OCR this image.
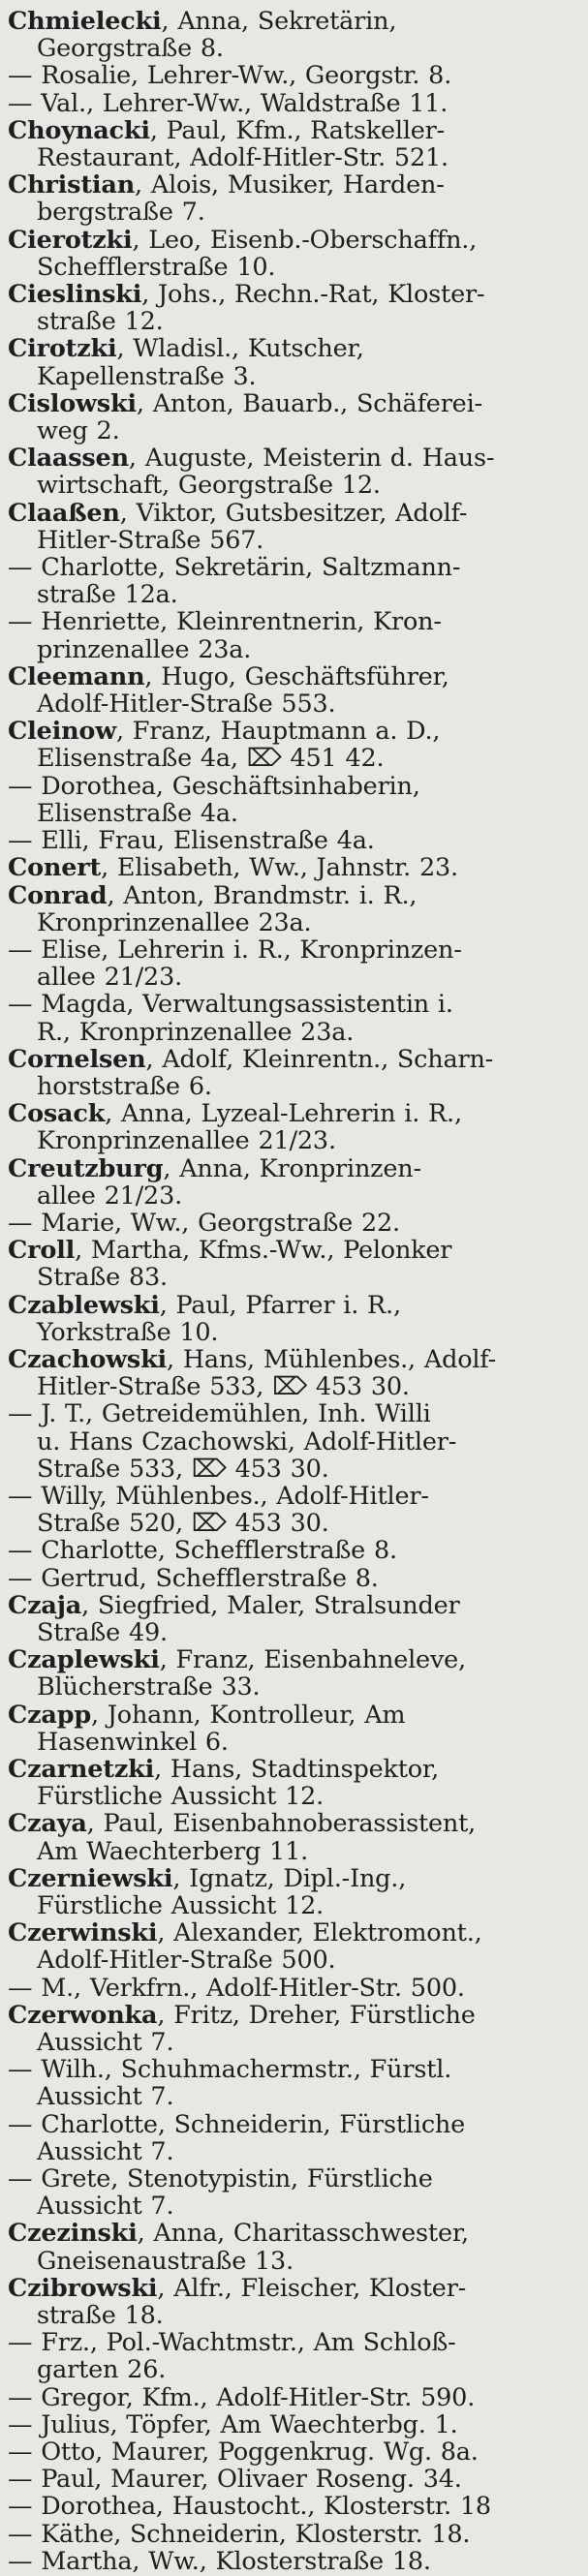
Chmielecki, Anna, Sekretärin,
Georgstraße 8.
— Rosalie, Lehrer-Ww., Georgstr. 8.
— Val., Lehrer-Ww., Waldstraße 11.
Choynacki, Paul, Kfm., Ratskeller-
Restaurant, Adolf-Hitler-Str. 521.
Christian, Alois, Musiker, Harden-
bergstraße 7.
Cierotzki, Leo, Eisenb.-Oberschaffn.,
Schefflerstraße 10.
Cieslinski, Johs., Rechn.-Rat, Kloster-
straße 12.
Cirotzki, Wladisl., Kutscher,
Kapellenstraße 3.
Cislowski, Anton, Bauarb., Schäferei-
weg 2.
Claassen, Auguste, Meisterin d. Haus-
wirtschaft, Georgstraße 12.
Claaßen, Viktor, Gutsbesitzer, Adolf-
Hitler-Straße 567.
— Charlotte, Sekretärin, Saltzmann-
straße 12a.
— Henriette, Kleinrentnerin, Kron-
prinzenallee 23a.
Cleemann, Hugo, Geschäftsführer,
Adolf-Hitler-Straße 553.
Cleinow, Franz, Hauptmann a. D.,
Elisenstraße 4a, ⌦ 451 42.
— Dorothea, Geschäftsinhaberin,
Elisenstraße 4a.
— Elli, Frau, Elisenstraße 4a.
Conert, Elisabeth, Ww., Jahnstr. 23.
Conrad, Anton, Brandmstr. i. R.,
Kronprinzenallee 23a.
— Elise, Lehrerin i. R., Kronprinzen-
allee 21/23.
— Magda, Verwaltungsassistentin i.
R., Kronprinzenallee 23a.
Cornelsen, Adolf, Kleinrentn., Scharn-
horststraße 6.
Cosack, Anna, Lyzeal-Lehrerin i. R.,
Kronprinzenallee 21/23.
Creutzburg, Anna, Kronprinzen-
allee 21/23.
— Marie, Ww., Georgstraße 22.
Croll, Martha, Kfms.-Ww., Pelonker
Straße 83.
Czablewski, Paul, Pfarrer i. R.,
Yorkstraße 10.
Czachowski, Hans, Mühlenbes., Adolf-
Hitler-Straße 533, ⌦ 453 30.
— J. T., Getreidemühlen, Inh. Willi
u. Hans Czachowski, Adolf-Hitler-
Straße 533, ⌦ 453 30.
— Willy, Mühlenbes., Adolf-Hitler-
Straße 520, ⌦ 453 30.
— Charlotte, Schefflerstraße 8.
— Gertrud, Schefflerstraße 8.
Czaja, Siegfried, Maler, Stralsunder
Straße 49.
Czaplewski, Franz, Eisenbahneleve,
Blücherstraße 33.
Czapp, Johann, Kontrolleur, Am
Hasenwinkel 6.
Czarnetzki, Hans, Stadtinspektor,
Fürstliche Aussicht 12.
Czaya, Paul, Eisenbahnoberassistent,
Am Waechterberg 11.
Czerniewski, Ignatz, Dipl.-Ing.,
Fürstliche Aussicht 12.
Czerwinski, Alexander, Elektromont.,
Adolf-Hitler-Straße 500.
— M., Verkfrn., Adolf-Hitler-Str. 500.
Czerwonka, Fritz, Dreher, Fürstliche
Aussicht 7.
— Wilh., Schuhmachermstr., Fürstl.
Aussicht 7.
— Charlotte, Schneiderin, Fürstliche
Aussicht 7.
— Grete, Stenotypistin, Fürstliche
Aussicht 7.
Czezinski, Anna, Charitasschwester,
Gneisenaustraße 13.
Czibrowski, Alfr., Fleischer, Kloster-
straße 18.
— Frz., Pol.-Wachtmstr., Am Schloß-
garten 26.
— Gregor, Kfm., Adolf-Hitler-Str. 590.
— Julius, Töpfer, Am Waechterbg. 1.
— Otto, Maurer, Poggenkrug. Wg. 8a.
— Paul, Maurer, Olivaer Roseng. 34.
— Dorothea, Haustocht., Klosterstr. 18
— Käthe, Schneiderin, Klosterstr. 18.
— Martha, Ww., Klosterstraße 18.
